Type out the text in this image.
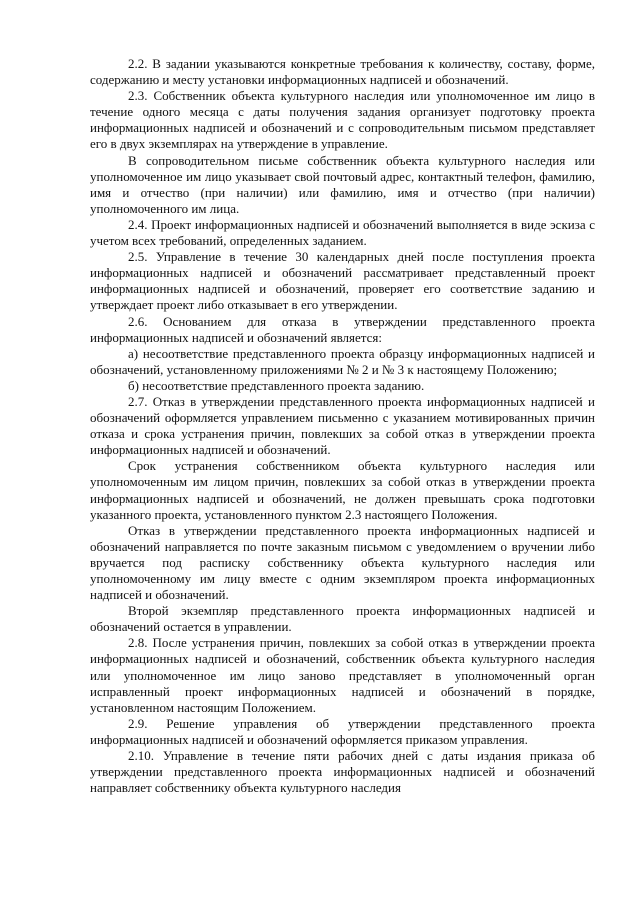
2.2. В задании указываются конкретные требования к количеству, составу, форме, содержанию и месту установки информационных надписей и обозначений.

2.3. Собственник объекта культурного наследия или уполномоченное им лицо в течение одного месяца с даты получения задания организует подготовку проекта информационных надписей и обозначений и с сопроводительным письмом представляет его в двух экземплярах на утверждение в управление.

В сопроводительном письме собственник объекта культурного наследия или уполномоченное им лицо указывает свой почтовый адрес, контактный телефон, фамилию, имя и отчество (при наличии) или фамилию, имя и отчество (при наличии) уполномоченного им лица.

2.4. Проект информационных надписей и обозначений выполняется в виде эскиза с учетом всех требований, определенных заданием.

2.5. Управление в течение 30 календарных дней после поступления проекта информационных надписей и обозначений рассматривает представленный проект информационных надписей и обозначений, проверяет его соответствие заданию и утверждает проект либо отказывает в его утверждении.

2.6. Основанием для отказа в утверждении представленного проекта информационных надписей и обозначений является:

а) несоответствие представленного проекта образцу информационных надписей и обозначений, установленному приложениями № 2 и № 3 к настоящему Положению;

б) несоответствие представленного проекта заданию.

2.7. Отказ в утверждении представленного проекта информационных надписей и обозначений оформляется управлением письменно с указанием мотивированных причин отказа и срока устранения причин, повлекших за собой отказ в утверждении проекта информационных надписей и обозначений.

Срок устранения собственником объекта культурного наследия или уполномоченным им лицом причин, повлекших за собой отказ в утверждении проекта информационных надписей и обозначений, не должен превышать срока подготовки указанного проекта, установленного пунктом 2.3 настоящего Положения.

Отказ в утверждении представленного проекта информационных надписей и обозначений направляется по почте заказным письмом с уведомлением о вручении либо вручается под расписку собственнику объекта культурного наследия или уполномоченному им лицу вместе с одним экземпляром проекта информационных надписей и обозначений.

Второй экземпляр представленного проекта информационных надписей и обозначений остается в управлении.

2.8. После устранения причин, повлекших за собой отказ в утверждении проекта информационных надписей и обозначений, собственник объекта культурного наследия или уполномоченное им лицо заново представляет в уполномоченный орган исправленный проект информационных надписей и обозначений в порядке, установленном настоящим Положением.

2.9. Решение управления об утверждении представленного проекта информационных надписей и обозначений оформляется приказом управления.

2.10. Управление в течение пяти рабочих дней с даты издания приказа об утверждении представленного проекта информационных надписей и обозначений направляет собственнику объекта культурного наследия
